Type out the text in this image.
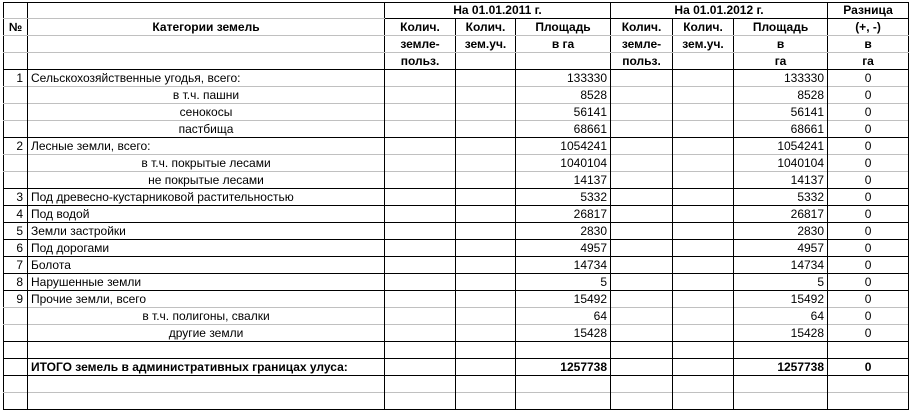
		На 01.01.2011 г.			На 01.01.2012 г.			Разница
№	Категории земель	Колич.	Колич.	Площадь	Колич.	Колич.	Площадь	(+, -)
		земле-	зем.уч.	в га	земле-	зем.уч.	в	в
		польз.			польз.		га	га
1	Сельскохозяйственные угодья, всего:			133330			133330	0
	в т.ч. пашни			8528			8528	0
	сенокосы			56141			56141	0
	пастбища			68661			68661	0
2	Лесные земли, всего:			1054241			1054241	0
	в т.ч. покрытые лесами			1040104			1040104	0
	не покрытые лесами			14137			14137	0
3	Под древесно-кустарниковой растительностью			5332			5332	0
4	Под водой			26817			26817	0
5	Земли застройки			2830			2830	0
6	Под дорогами			4957			4957	0
7	Болота			14734			14734	0
8	Нарушенные земли			5			5	0
9	Прочие земли, всего			15492			15492	0
	в т.ч. полигоны, свалки			64			64	0
	другие земли			15428			15428	0

	ИТОГО земель в административных границах улуса:			1257738			1257738	0
